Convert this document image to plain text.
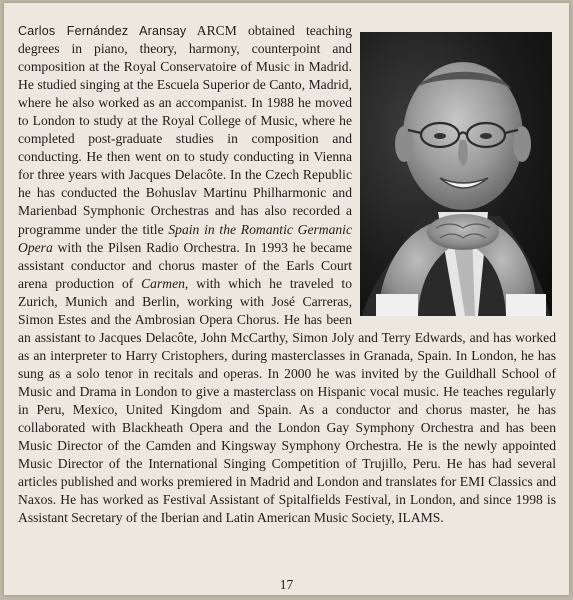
Carlos Fernández Aransay ARCM obtained teaching degrees in piano, theory, harmony, counterpoint and composition at the Royal Conservatoire of Music in Madrid. He studied singing at the Escuela Superior de Canto, Madrid, where he also worked as an accompanist. In 1988 he moved to London to study at the Royal College of Music, where he completed post-graduate studies in composition and conducting. He then went on to study conducting in Vienna for three years with Jacques Delacôte. In the Czech Republic he has conducted the Bohuslav Martinu Philharmonic and Marienbad Symphonic Orchestras and has also recorded a programme under the title Spain in the Romantic Germanic Opera with the Pilsen Radio Orchestra. In 1993 he became assistant conductor and chorus master of the Earls Court arena production of Carmen, with which he traveled to Zurich, Munich and Berlin, working with José Carreras, Simon Estes and the Ambrosian Opera Chorus. He has been an assistant to Jacques Delacôte, John McCarthy, Simon Joly and Terry Edwards, and has worked as an interpreter to Harry Cristophers, during masterclasses in Granada, Spain. In London, he has sung as a solo tenor in recitals and operas. In 2000 he was invited by the Guildhall School of Music and Drama in London to give a masterclass on Hispanic vocal music. He teaches regularly in Peru, Mexico, United Kingdom and Spain. As a conductor and chorus master, he has collaborated with Blackheath Opera and the London Gay Symphony Orchestra and has been Music Director of the Camden and Kingsway Symphony Orchestra. He is the newly appointed Music Director of the International Singing Competition of Trujillo, Peru. He has had several articles published and works premiered in Madrid and London and translates for EMI Classics and Naxos. He has worked as Festival Assistant of Spitalfields Festival, in London, and since 1998 is Assistant Secretary of the Iberian and Latin American Music Society, ILAMS.
17
